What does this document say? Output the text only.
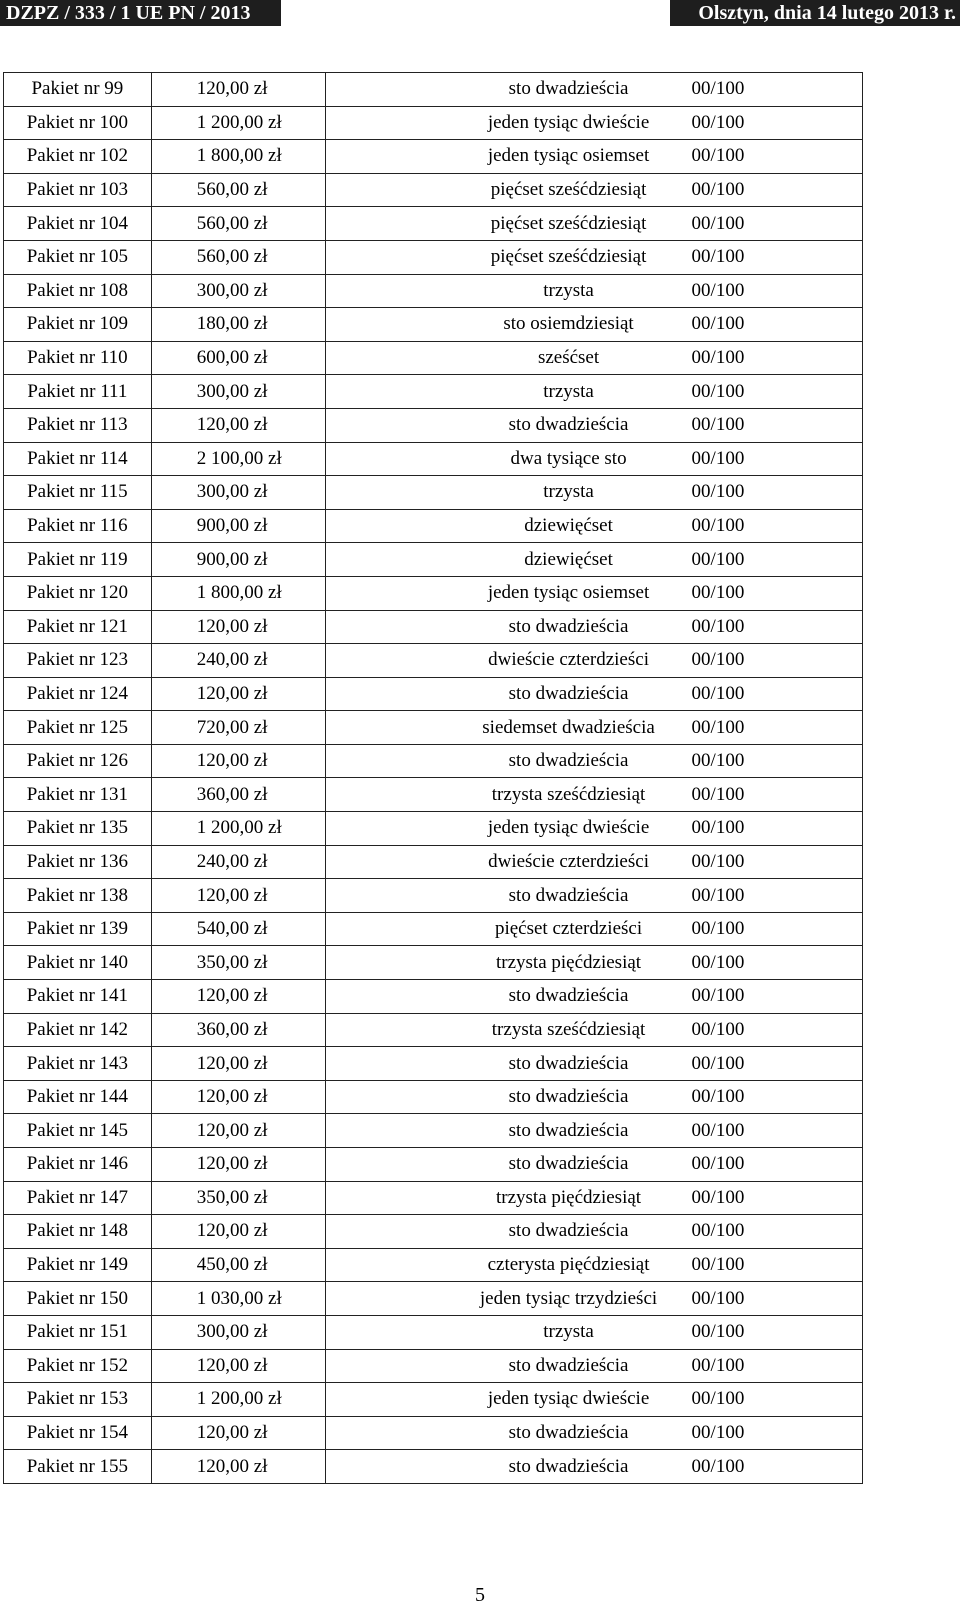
DZPZ / 333 / 1 UE PN / 2013	Olsztyn, dnia 14 lutego 2013 r.
Pakiet nr 99	120,00 zł	sto dwadzieścia 00/100
Pakiet nr 100	1 200,00 zł	jeden tysiąc dwieście 00/100
Pakiet nr 102	1 800,00 zł	jeden tysiąc osiemset 00/100
Pakiet nr 103	560,00 zł	pięćset sześćdziesiąt 00/100
Pakiet nr 104	560,00 zł	pięćset sześćdziesiąt 00/100
Pakiet nr 105	560,00 zł	pięćset sześćdziesiąt 00/100
Pakiet nr 108	300,00 zł	trzysta 00/100
Pakiet nr 109	180,00 zł	sto osiemdziesiąt 00/100
Pakiet nr 110	600,00 zł	sześćset 00/100
Pakiet nr 111	300,00 zł	trzysta 00/100
Pakiet nr 113	120,00 zł	sto dwadzieścia 00/100
Pakiet nr 114	2 100,00 zł	dwa tysiące sto 00/100
Pakiet nr 115	300,00 zł	trzysta 00/100
Pakiet nr 116	900,00 zł	dziewięćset 00/100
Pakiet nr 119	900,00 zł	dziewięćset 00/100
Pakiet nr 120	1 800,00 zł	jeden tysiąc osiemset 00/100
Pakiet nr 121	120,00 zł	sto dwadzieścia 00/100
Pakiet nr 123	240,00 zł	dwieście czterdzieści 00/100
Pakiet nr 124	120,00 zł	sto dwadzieścia 00/100
Pakiet nr 125	720,00 zł	siedemset dwadzieścia 00/100
Pakiet nr 126	120,00 zł	sto dwadzieścia 00/100
Pakiet nr 131	360,00 zł	trzysta sześćdziesiąt 00/100
Pakiet nr 135	1 200,00 zł	jeden tysiąc dwieście 00/100
Pakiet nr 136	240,00 zł	dwieście czterdzieści 00/100
Pakiet nr 138	120,00 zł	sto dwadzieścia 00/100
Pakiet nr 139	540,00 zł	pięćset czterdzieści 00/100
Pakiet nr 140	350,00 zł	trzysta pięćdziesiąt 00/100
Pakiet nr 141	120,00 zł	sto dwadzieścia 00/100
Pakiet nr 142	360,00 zł	trzysta sześćdziesiąt 00/100
Pakiet nr 143	120,00 zł	sto dwadzieścia 00/100
Pakiet nr 144	120,00 zł	sto dwadzieścia 00/100
Pakiet nr 145	120,00 zł	sto dwadzieścia 00/100
Pakiet nr 146	120,00 zł	sto dwadzieścia 00/100
Pakiet nr 147	350,00 zł	trzysta pięćdziesiąt 00/100
Pakiet nr 148	120,00 zł	sto dwadzieścia 00/100
Pakiet nr 149	450,00 zł	czterysta pięćdziesiąt 00/100
Pakiet nr 150	1 030,00 zł	jeden tysiąc trzydzieści 00/100
Pakiet nr 151	300,00 zł	trzysta 00/100
Pakiet nr 152	120,00 zł	sto dwadzieścia 00/100
Pakiet nr 153	1 200,00 zł	jeden tysiąc dwieście 00/100
Pakiet nr 154	120,00 zł	sto dwadzieścia 00/100
Pakiet nr 155	120,00 zł	sto dwadzieścia 00/100
5
